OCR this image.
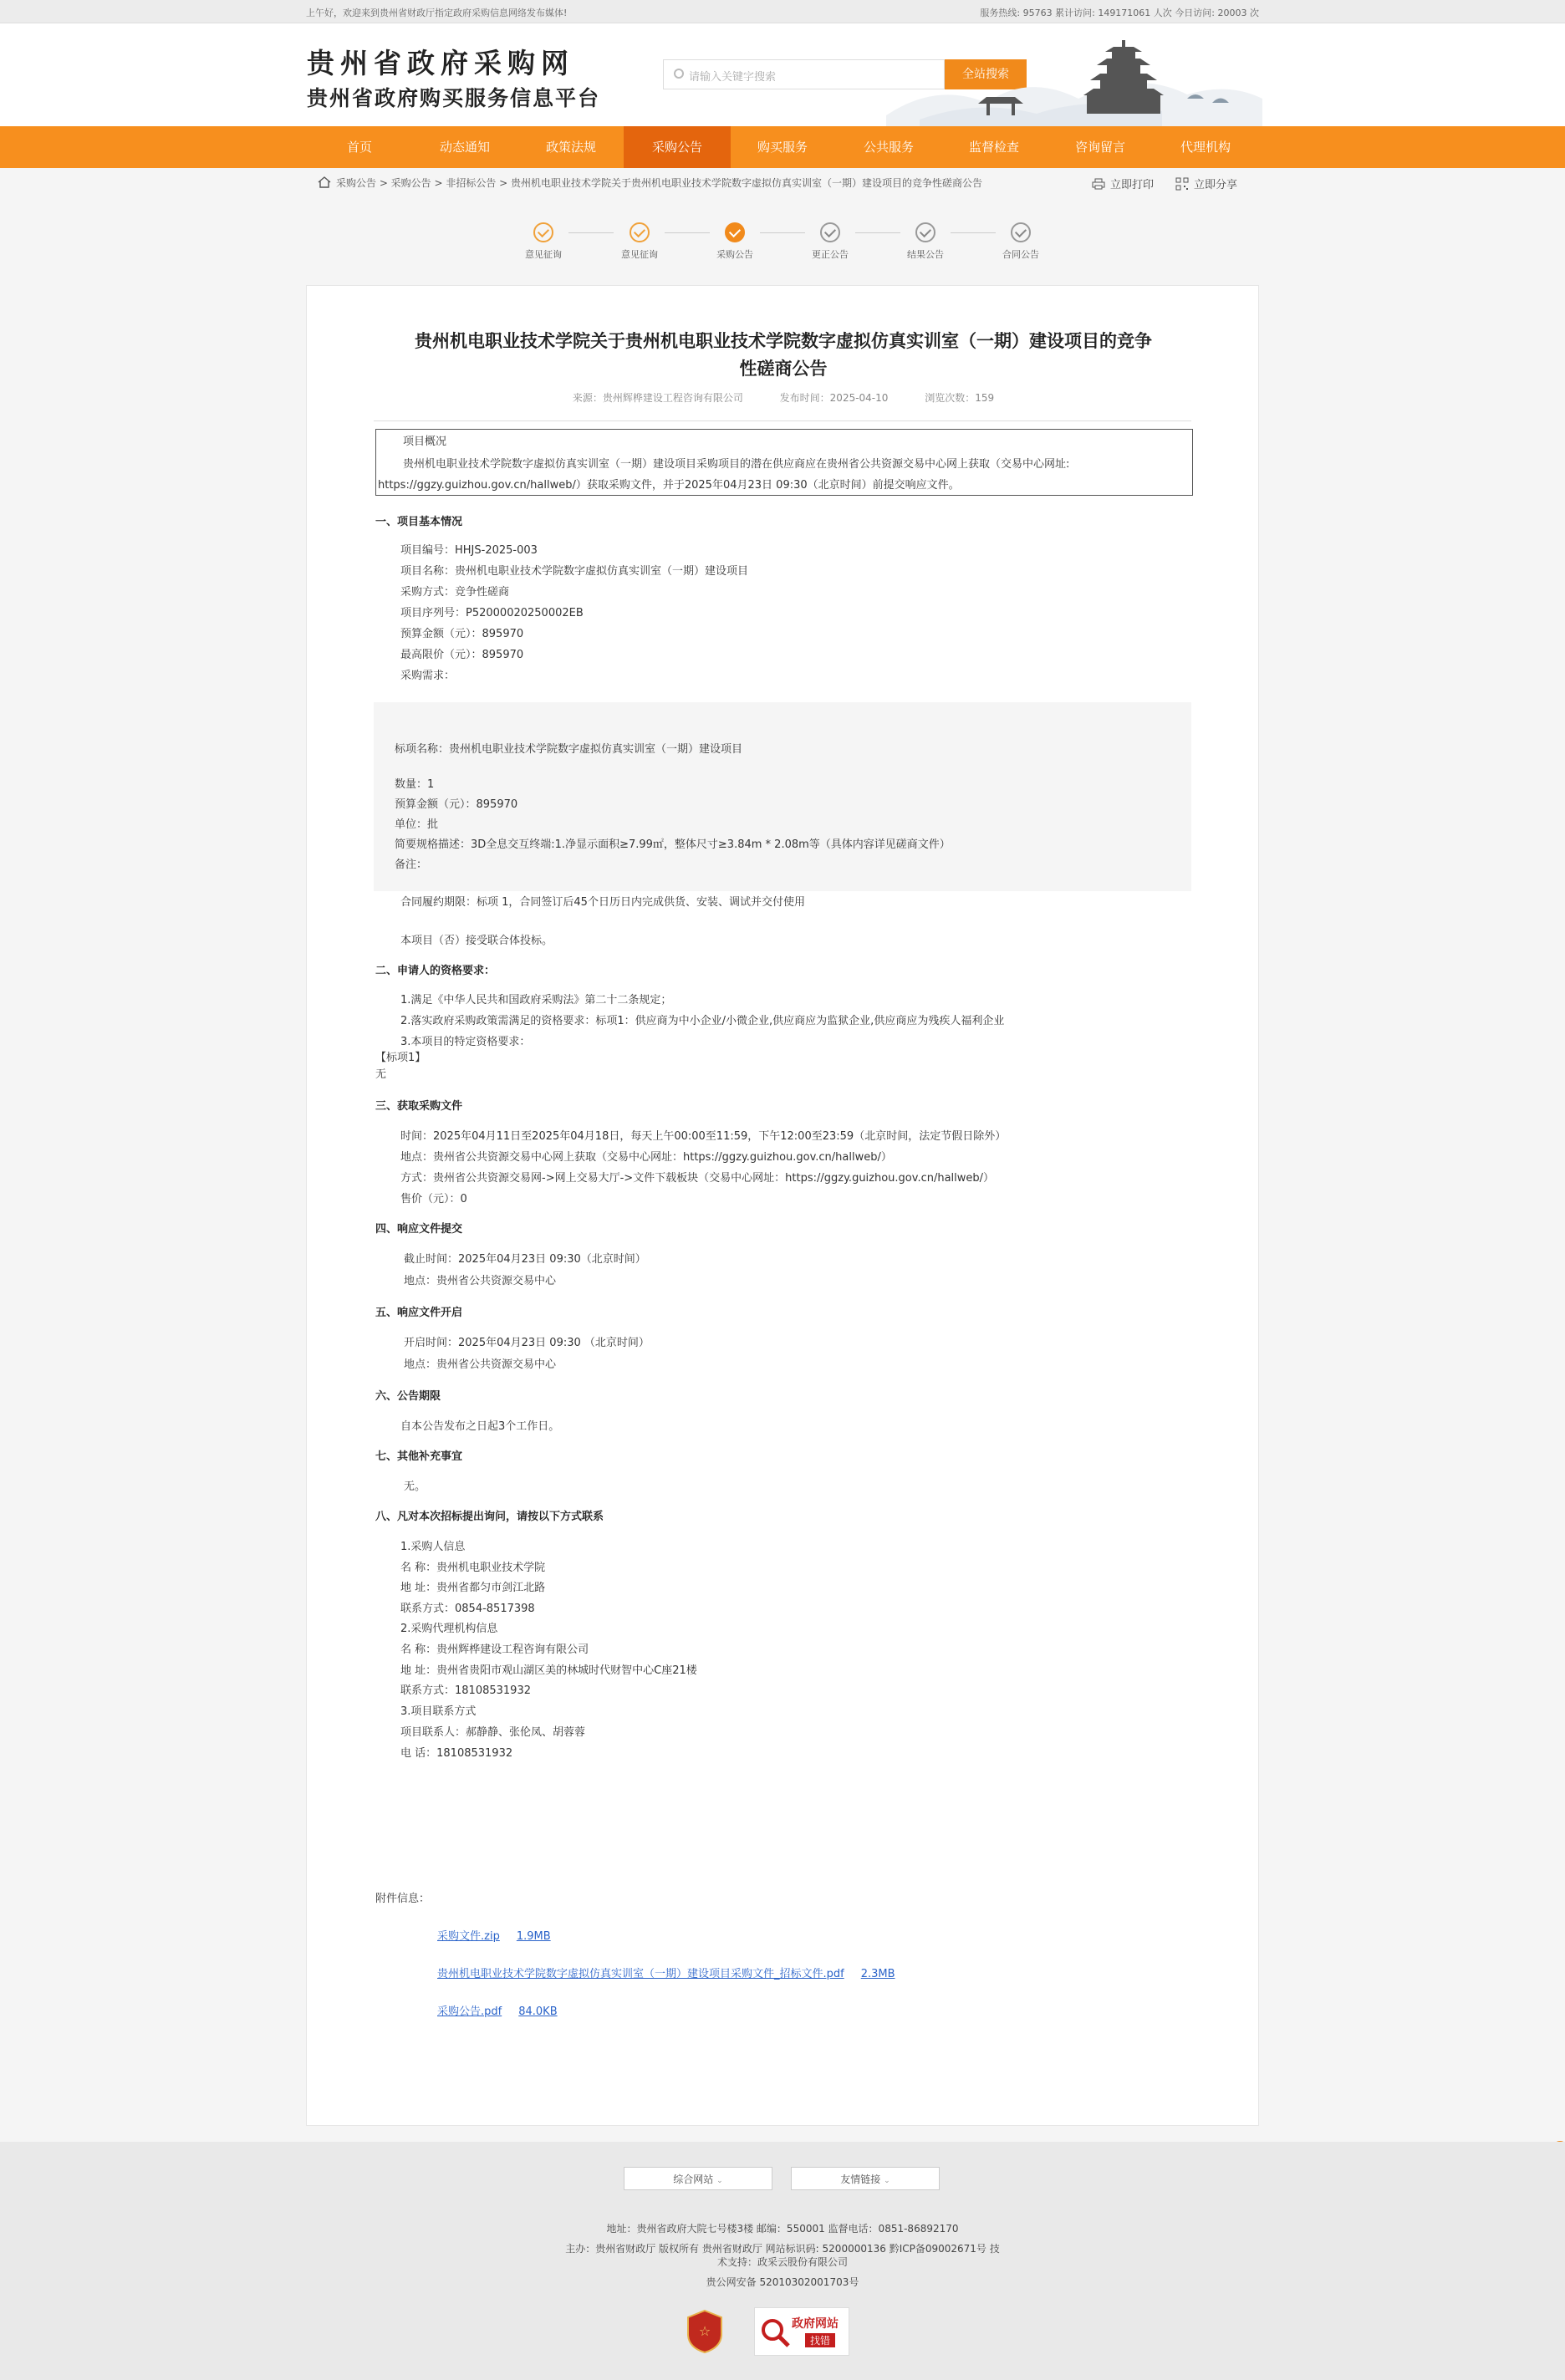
上午好，欢迎来到贵州省财政厅指定政府采购信息网络发布媒体!	服务热线: 95763 累计访问: 149171061 人次 今日访问: 20003 次
贵州省政府采购网
贵州省政府购买服务信息平台
请输入关键字搜索	全站搜索
首页	动态通知	政策法规	采购公告	购买服务	公共服务	监督检查	咨询留言	代理机构
采购公告 > 采购公告 > 非招标公告 > 贵州机电职业技术学院关于贵州机电职业技术学院数字虚拟仿真实训室（一期）建设项目的竞争性磋商公告	立即打印	立即分享
意见征询	意见征询	采购公告	更正公告	结果公告	合同公告
贵州机电职业技术学院关于贵州机电职业技术学院数字虚拟仿真实训室（一期）建设项目的竞争
性磋商公告
来源：贵州辉桦建设工程咨询有限公司	发布时间：2025-04-10	浏览次数：159
项目概况
贵州机电职业技术学院数字虚拟仿真实训室（一期）建设项目采购项目的潜在供应商应在贵州省公共资源交易中心网上获取（交易中心网址:
https://ggzy.guizhou.gov.cn/hallweb/）获取采购文件，并于2025年04月23日 09:30（北京时间）前提交响应文件。
一、项目基本情况
项目编号：HHJS-2025-003
项目名称：贵州机电职业技术学院数字虚拟仿真实训室（一期）建设项目
采购方式：竞争性磋商
项目序列号：P52000020250002EB
预算金额（元）：895970
最高限价（元）：895970
采购需求：
标项名称：贵州机电职业技术学院数字虚拟仿真实训室（一期）建设项目
数量：1
预算金额（元）：895970
单位：批
简要规格描述：3D全息交互终端:1.净显示面积≥7.99㎡，整体尺寸≥3.84m * 2.08m等（具体内容详见磋商文件）
备注：
合同履约期限：标项 1，合同签订后45个日历日内完成供货、安装、调试并交付使用
本项目（否）接受联合体投标。
二、申请人的资格要求：
1.满足《中华人民共和国政府采购法》第二十二条规定；
2.落实政府采购政策需满足的资格要求：标项1：供应商为中小企业/小微企业,供应商应为监狱企业,供应商应为残疾人福利企业
3.本项目的特定资格要求：
【标项1】
无
三、获取采购文件
时间：2025年04月11日至2025年04月18日，每天上午00:00至11:59，下午12:00至23:59（北京时间，法定节假日除外）
地点：贵州省公共资源交易中心网上获取（交易中心网址：https://ggzy.guizhou.gov.cn/hallweb/）
方式：贵州省公共资源交易网->网上交易大厅->文件下载板块（交易中心网址：https://ggzy.guizhou.gov.cn/hallweb/）
售价（元）：0
四、响应文件提交
截止时间：2025年04月23日 09:30（北京时间）
地点：贵州省公共资源交易中心
五、响应文件开启
开启时间：2025年04月23日 09:30 （北京时间）
地点：贵州省公共资源交易中心
六、公告期限
自本公告发布之日起3个工作日。
七、其他补充事宜
无。
八、凡对本次招标提出询问，请按以下方式联系
1.采购人信息
名 称：贵州机电职业技术学院
地 址：贵州省都匀市剑江北路
联系方式：0854-8517398
2.采购代理机构信息
名 称：贵州辉桦建设工程咨询有限公司
地 址：贵州省贵阳市观山湖区美的林城时代财智中心C座21楼
联系方式：18108531932
3.项目联系方式
项目联系人：郝静静、张伦凤、胡蓉蓉
电 话：18108531932
附件信息：
采购文件.zip 1.9MB
贵州机电职业技术学院数字虚拟仿真实训室（一期）建设项目采购文件_招标文件.pdf 2.3MB
采购公告.pdf 84.0KB
综合网站 ⌄	友情链接 ⌄
地址：贵州省政府大院七号楼3楼 邮编：550001 监督电话：0851-86892170
主办：贵州省财政厅 版权所有 贵州省财政厅 网站标识码: 5200000136 黔ICP备09002671号 技
术支持：政采云股份有限公司
贵公网安备 52010302001703号
☆	政府网站
找错
